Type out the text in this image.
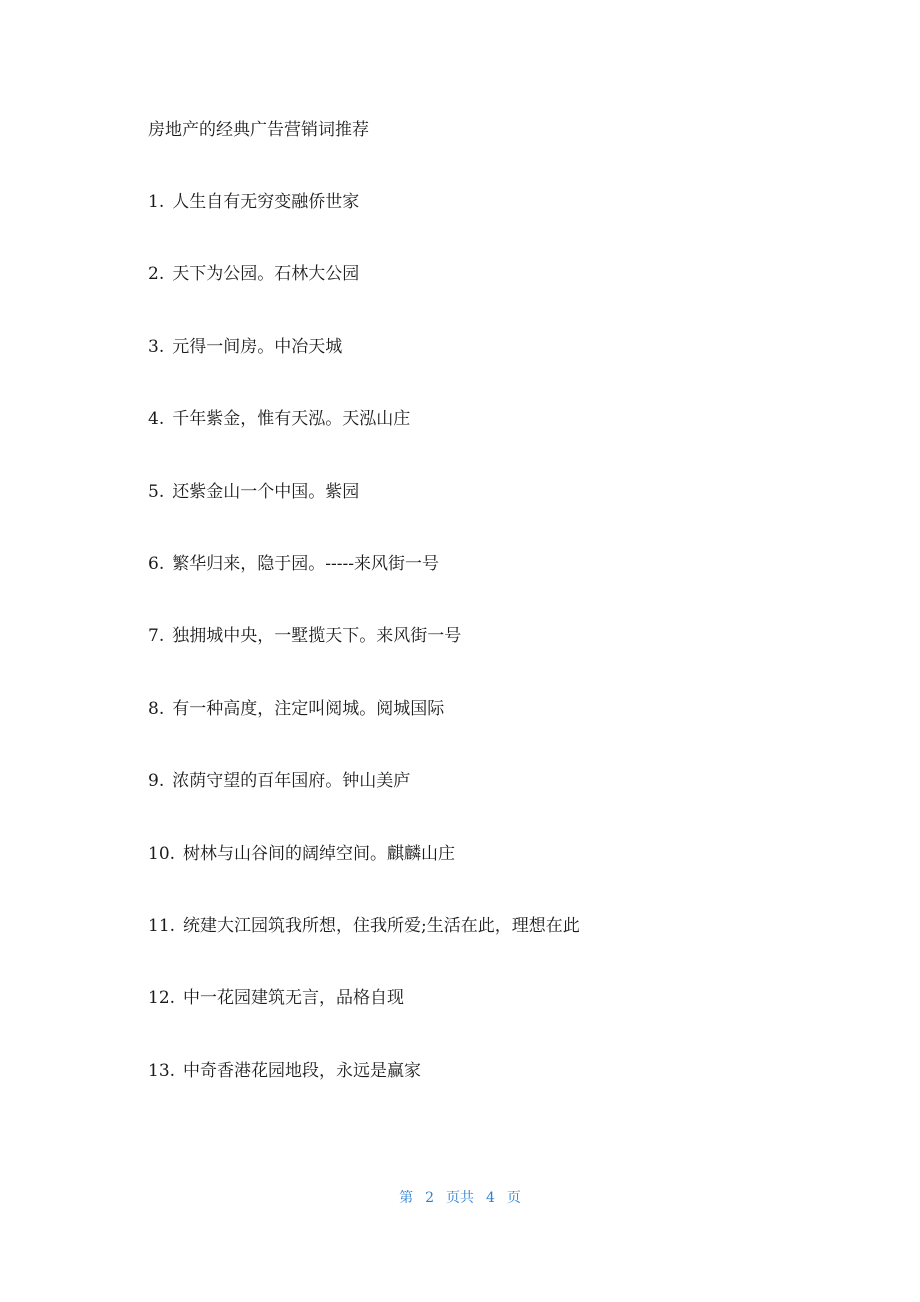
房地产的经典广告营销词推荐
1. 人生自有无穷变融侨世家
2. 天下为公园。石林大公园
3. 元得一间房。中冶天城
4. 千年紫金，惟有天泓。天泓山庄
5. 还紫金山一个中国。紫园
6. 繁华归来，隐于园。-----来风街一号
7. 独拥城中央，一墅揽天下。来风街一号
8. 有一种高度，注定叫阅城。阅城国际
9. 浓荫守望的百年国府。钟山美庐
10. 树林与山谷间的阔绰空间。麒麟山庄
11. 统建大江园筑我所想，住我所爱;生活在此，理想在此
12. 中一花园建筑无言，品格自现
13. 中奇香港花园地段，永远是赢家
第 2 页共 4 页
